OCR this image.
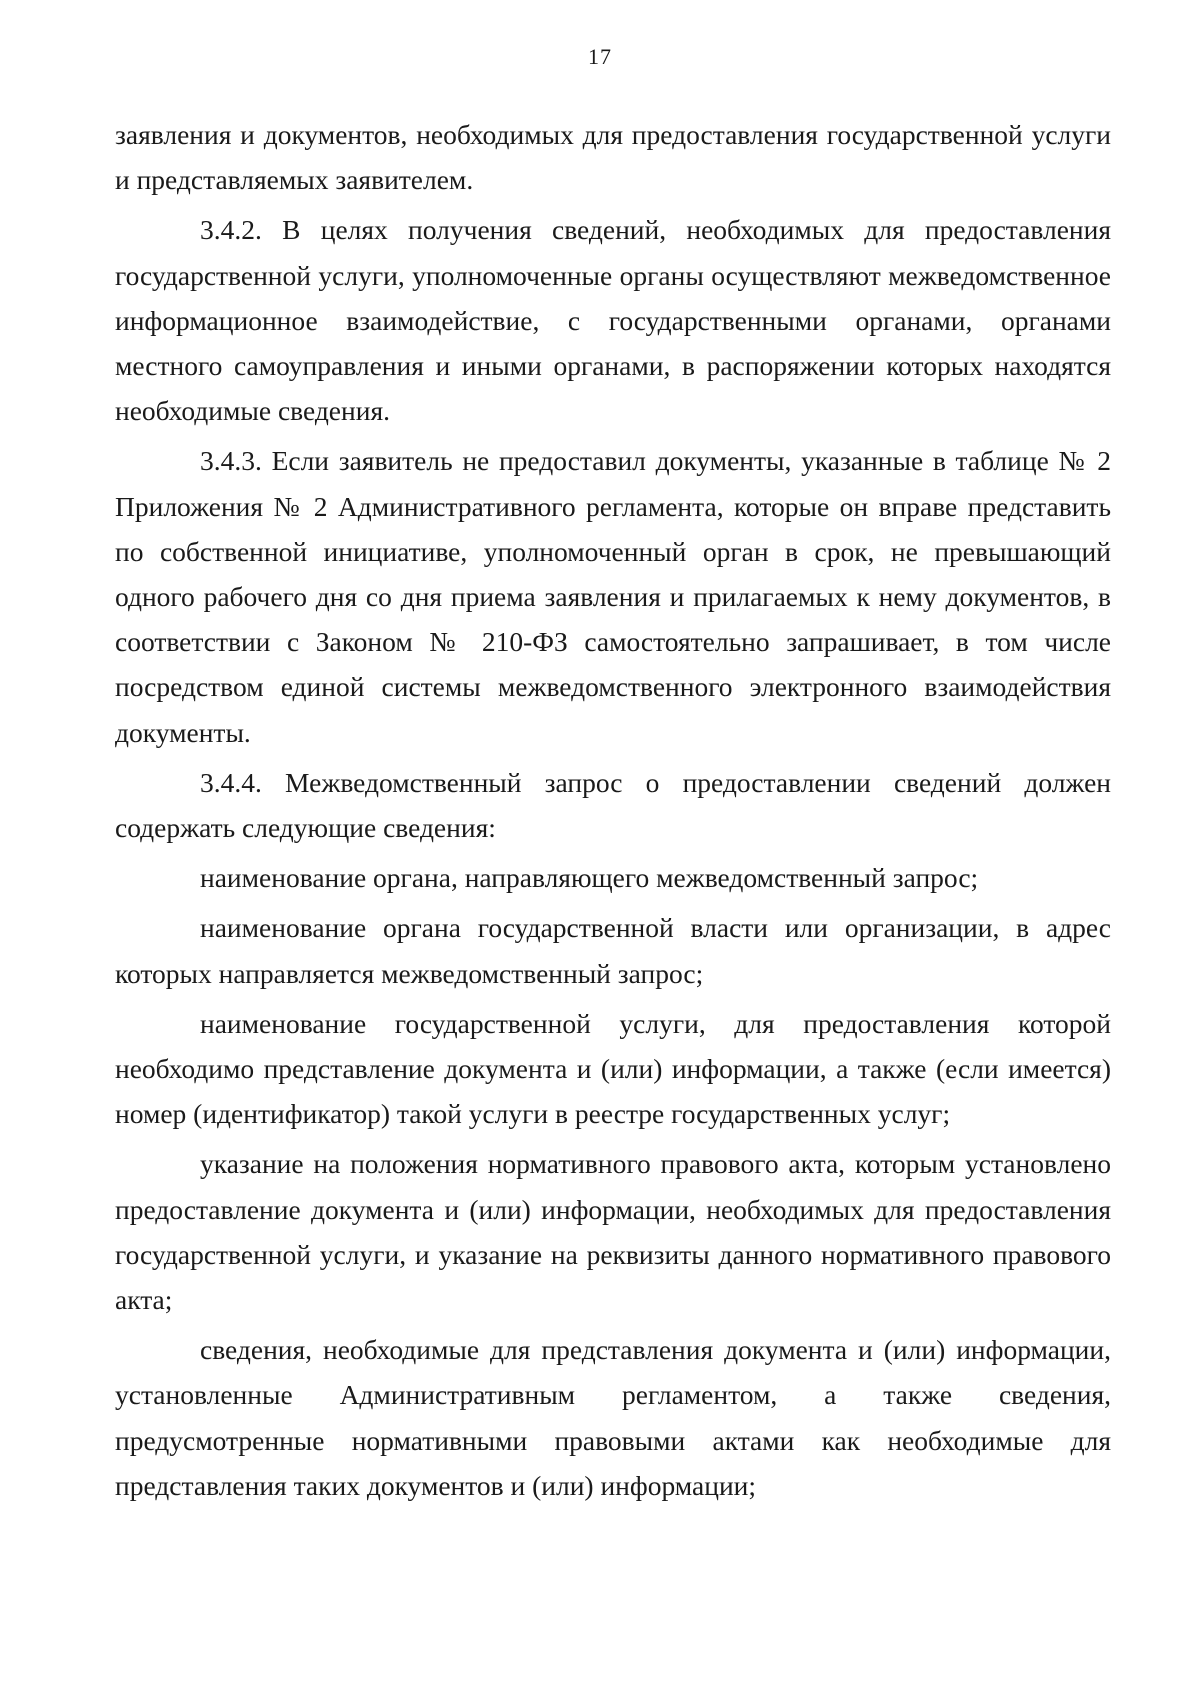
17

заявления и документов, необходимых для предоставления государственной услуги и представляемых заявителем.

3.4.2. В целях получения сведений, необходимых для предоставления государственной услуги, уполномоченные органы осуществляют межведомственное информационное взаимодействие, с государственными органами, органами местного самоуправления и иными органами, в распоряжении которых находятся необходимые сведения.

3.4.3. Если заявитель не предоставил документы, указанные в таблице № 2 Приложения № 2 Административного регламента, которые он вправе представить по собственной инициативе, уполномоченный орган в срок, не превышающий одного рабочего дня со дня приема заявления и прилагаемых к нему документов, в соответствии с Законом № 210-ФЗ самостоятельно запрашивает, в том числе посредством единой системы межведомственного электронного взаимодействия документы.

3.4.4. Межведомственный запрос о предоставлении сведений должен содержать следующие сведения:

наименование органа, направляющего межведомственный запрос;

наименование органа государственной власти или организации, в адрес которых направляется межведомственный запрос;

наименование государственной услуги, для предоставления которой необходимо представление документа и (или) информации, а также (если имеется) номер (идентификатор) такой услуги в реестре государственных услуг;

указание на положения нормативного правового акта, которым установлено предоставление документа и (или) информации, необходимых для предоставления государственной услуги, и указание на реквизиты данного нормативного правового акта;

сведения, необходимые для представления документа и (или) информации, установленные Административным регламентом, а также сведения, предусмотренные нормативными правовыми актами как необходимые для представления таких документов и (или) информации;
